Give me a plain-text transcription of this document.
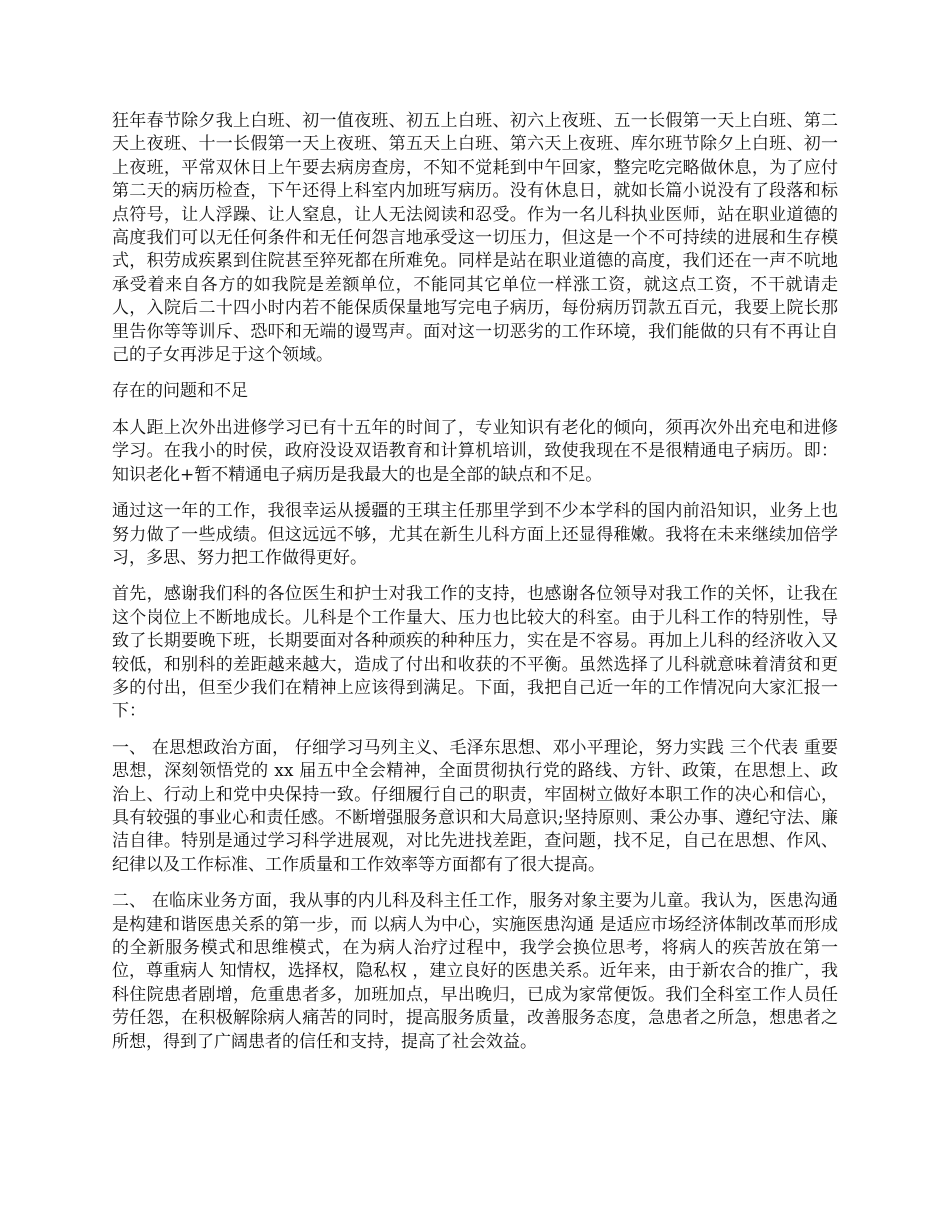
狂年春节除夕我上白班、初一值夜班、初五上白班、初六上夜班、五一长假第一天上白班、第二天上夜班、十一长假第一天上夜班、第五天上白班、第六天上夜班、库尔班节除夕上白班、初一上夜班，平常双休日上午要去病房查房，不知不觉耗到中午回家，整完吃完略做休息，为了应付第二天的病历检查，下午还得上科室内加班写病历。没有休息日，就如长篇小说没有了段落和标点符号，让人浮躁、让人窒息，让人无法阅读和忍受。作为一名儿科执业医师，站在职业道德的高度我们可以无任何条件和无任何怨言地承受这一切压力，但这是一个不可持续的进展和生存模式，积劳成疾累到住院甚至猝死都在所难免。同样是站在职业道德的高度，我们还在一声不吭地承受着来自各方的如我院是差额单位，不能同其它单位一样涨工资，就这点工资，不干就请走人，入院后二十四小时内若不能保质保量地写完电子病历，每份病历罚款五百元，我要上院长那里告你等等训斥、恐吓和无端的谩骂声。面对这一切恶劣的工作环境，我们能做的只有不再让自己的子女再涉足于这个领域。

存在的问题和不足

本人距上次外出进修学习已有十五年的时间了，专业知识有老化的倾向，须再次外出充电和进修学习。在我小的时侯，政府没设双语教育和计算机培训，致使我现在不是很精通电子病历。即：知识老化+暂不精通电子病历是我最大的也是全部的缺点和不足。

通过这一年的工作，我很幸运从援疆的王琪主任那里学到不少本学科的国内前沿知识，业务上也努力做了一些成绩。但这远远不够，尤其在新生儿科方面上还显得稚嫩。我将在未来继续加倍学习，多思、努力把工作做得更好。

首先，感谢我们科的各位医生和护士对我工作的支持，也感谢各位领导对我工作的关怀，让我在这个岗位上不断地成长。儿科是个工作量大、压力也比较大的科室。由于儿科工作的特别性，导致了长期要晚下班，长期要面对各种顽疾的种种压力，实在是不容易。再加上儿科的经济收入又较低，和别科的差距越来越大，造成了付出和收获的不平衡。虽然选择了儿科就意味着清贫和更多的付出，但至少我们在精神上应该得到满足。下面，我把自己近一年的工作情况向大家汇报一下：

一、 在思想政治方面， 仔细学习马列主义、毛泽东思想、邓小平理论，努力实践 三个代表 重要思想，深刻领悟党的 xx 届五中全会精神，全面贯彻执行党的路线、方针、政策，在思想上、政治上、行动上和党中央保持一致。仔细履行自己的职责，牢固树立做好本职工作的决心和信心，具有较强的事业心和责任感。不断增强服务意识和大局意识;坚持原则、秉公办事、遵纪守法、廉洁自律。特别是通过学习科学进展观，对比先进找差距，查问题，找不足，自己在思想、作风、纪律以及工作标准、工作质量和工作效率等方面都有了很大提高。

二、 在临床业务方面，我从事的内儿科及科主任工作，服务对象主要为儿童。我认为，医患沟通是构建和谐医患关系的第一步，而 以病人为中心，实施医患沟通 是适应市场经济体制改革而形成的全新服务模式和思维模式，在为病人治疗过程中，我学会换位思考，将病人的疾苦放在第一位，尊重病人 知情权，选择权，隐私权 ，建立良好的医患关系。近年来，由于新农合的推广，我科住院患者剧增，危重患者多，加班加点，早出晚归，已成为家常便饭。我们全科室工作人员任劳任怨，在积极解除病人痛苦的同时，提高服务质量，改善服务态度，急患者之所急，想患者之所想，得到了广阔患者的信任和支持，提高了社会效益。
